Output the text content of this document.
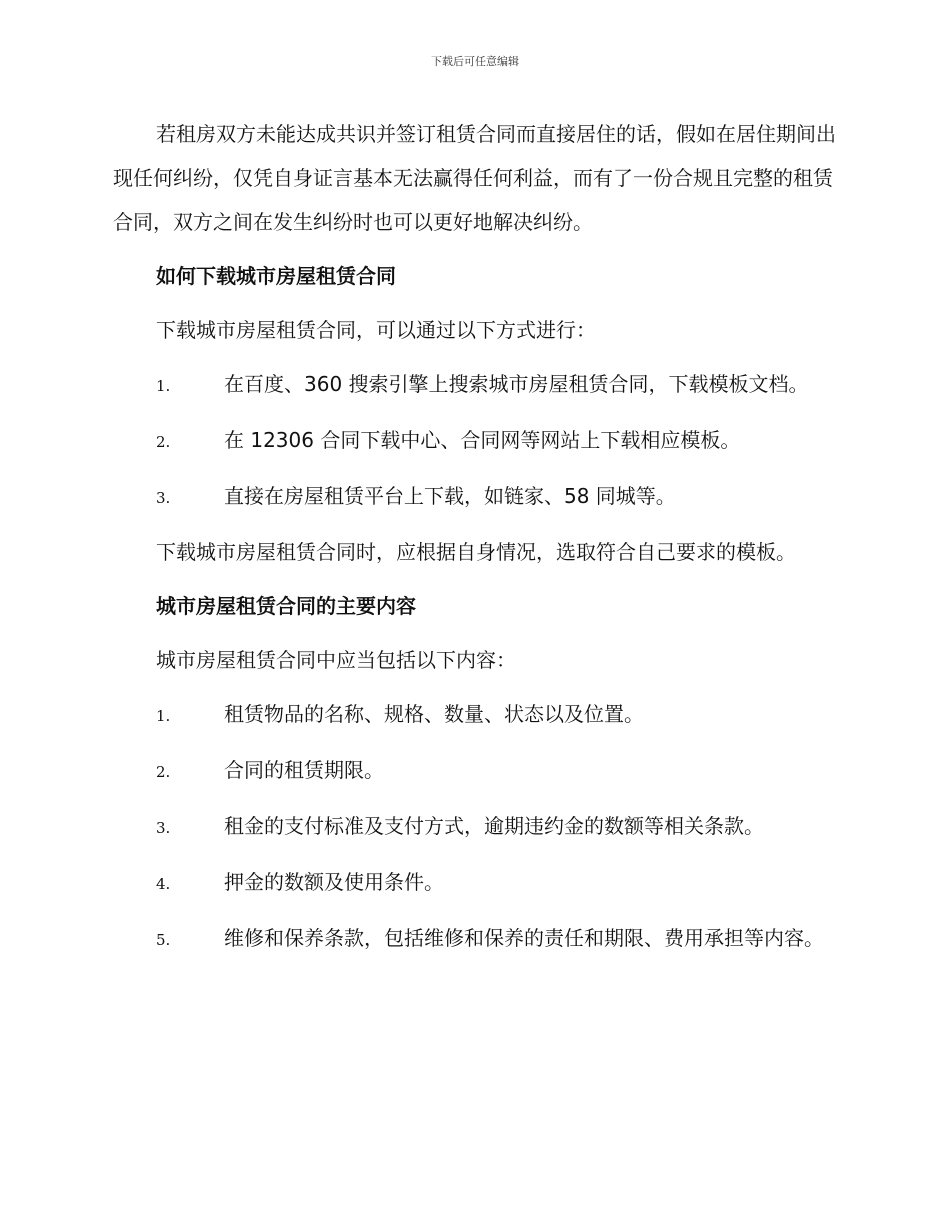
下载后可任意编辑

若租房双方未能达成共识并签订租赁合同而直接居住的话，假如在居住期间出现任何纠纷，仅凭自身证言基本无法赢得任何利益，而有了一份合规且完整的租赁合同，双方之间在发生纠纷时也可以更好地解决纠纷。

如何下载城市房屋租赁合同

下载城市房屋租赁合同，可以通过以下方式进行：

1.	在百度、360 搜索引擎上搜索城市房屋租赁合同，下载模板文档。

2.	在 12306 合同下载中心、合同网等网站上下载相应模板。

3.	直接在房屋租赁平台上下载，如链家、58 同城等。

下载城市房屋租赁合同时，应根据自身情况，选取符合自己要求的模板。

城市房屋租赁合同的主要内容

城市房屋租赁合同中应当包括以下内容：

1.	租赁物品的名称、规格、数量、状态以及位置。

2.	合同的租赁期限。

3.	租金的支付标准及支付方式，逾期违约金的数额等相关条款。

4.	押金的数额及使用条件。

5.	维修和保养条款，包括维修和保养的责任和期限、费用承担等内容。
